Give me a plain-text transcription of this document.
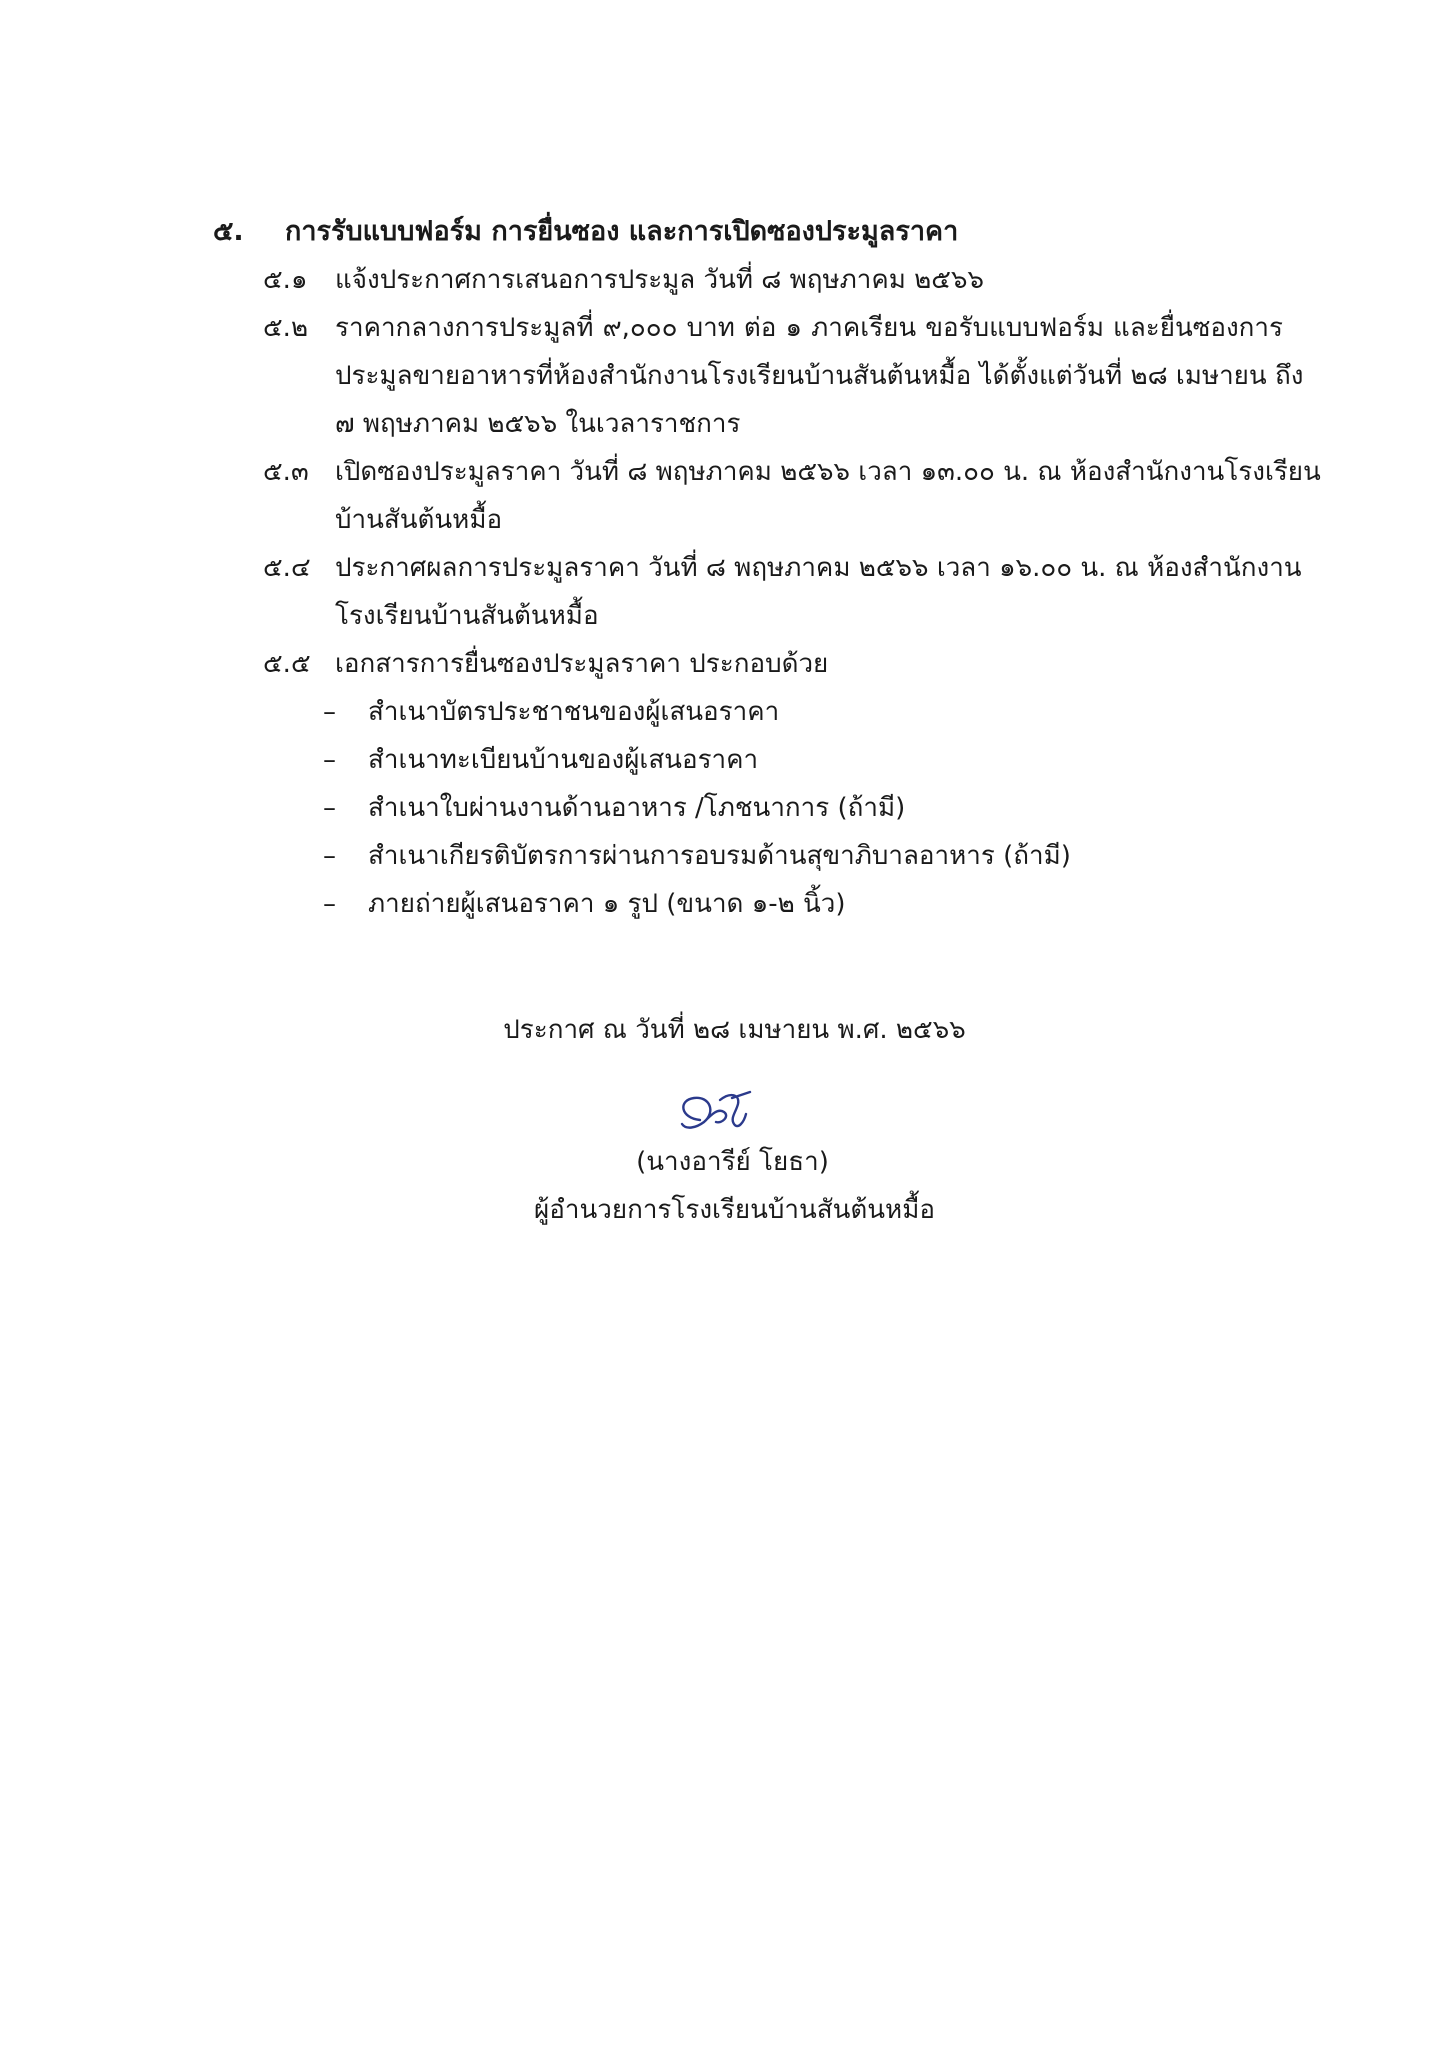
๕.	การรับแบบฟอร์ม การยื่นซอง และการเปิดซองประมูลราคา
๕.๑	แจ้งประกาศการเสนอการประมูล วันที่ ๘ พฤษภาคม ๒๕๖๖

๕.๒	ราคากลางการประมูลที่ ๙,๐๐๐ บาท ต่อ ๑ ภาคเรียน ขอรับแบบฟอร์ม และยื่นซองการ

ประมูลขายอาหารที่ห้องสำนักงานโรงเรียนบ้านสันต้นหมื้อ ได้ตั้งแต่วันที่ ๒๘ เมษายน ถึง

๗ พฤษภาคม ๒๕๖๖ ในเวลาราชการ

๕.๓	เปิดซองประมูลราคา วันที่ ๘ พฤษภาคม ๒๕๖๖ เวลา ๑๓.๐๐ น. ณ ห้องสำนักงานโรงเรียน

บ้านสันต้นหมื้อ

๕.๔ ประกาศผลการประมูลราคา วันที่ ๘ พฤษภาคม ๒๕๖๖ เวลา ๑๖.๐๐ น. ณ ห้องสำนักงาน

โรงเรียนบ้านสันต้นหมื้อ

๕.๕ เอกสารการยื่นซองประมูลราคา ประกอบด้วย

–	สำเนาบัตรประชาชนของผู้เสนอราคา
–	สำเนาทะเบียนบ้านของผู้เสนอราคา
–	สำเนาใบผ่านงานด้านอาหาร /โภชนาการ (ถ้ามี)
–	สำเนาเกียรติบัตรการผ่านการอบรมด้านสุขาภิบาลอาหาร (ถ้ามี)
–	ภายถ่ายผู้เสนอราคา ๑ รูป (ขนาด ๑-๒ นิ้ว)
ประกาศ ณ วันที่ ๒๘ เมษายน พ.ศ. ๒๕๖๖
(นางอารีย์ โยธา)
ผู้อำนวยการโรงเรียนบ้านสันต้นหมื้อ
